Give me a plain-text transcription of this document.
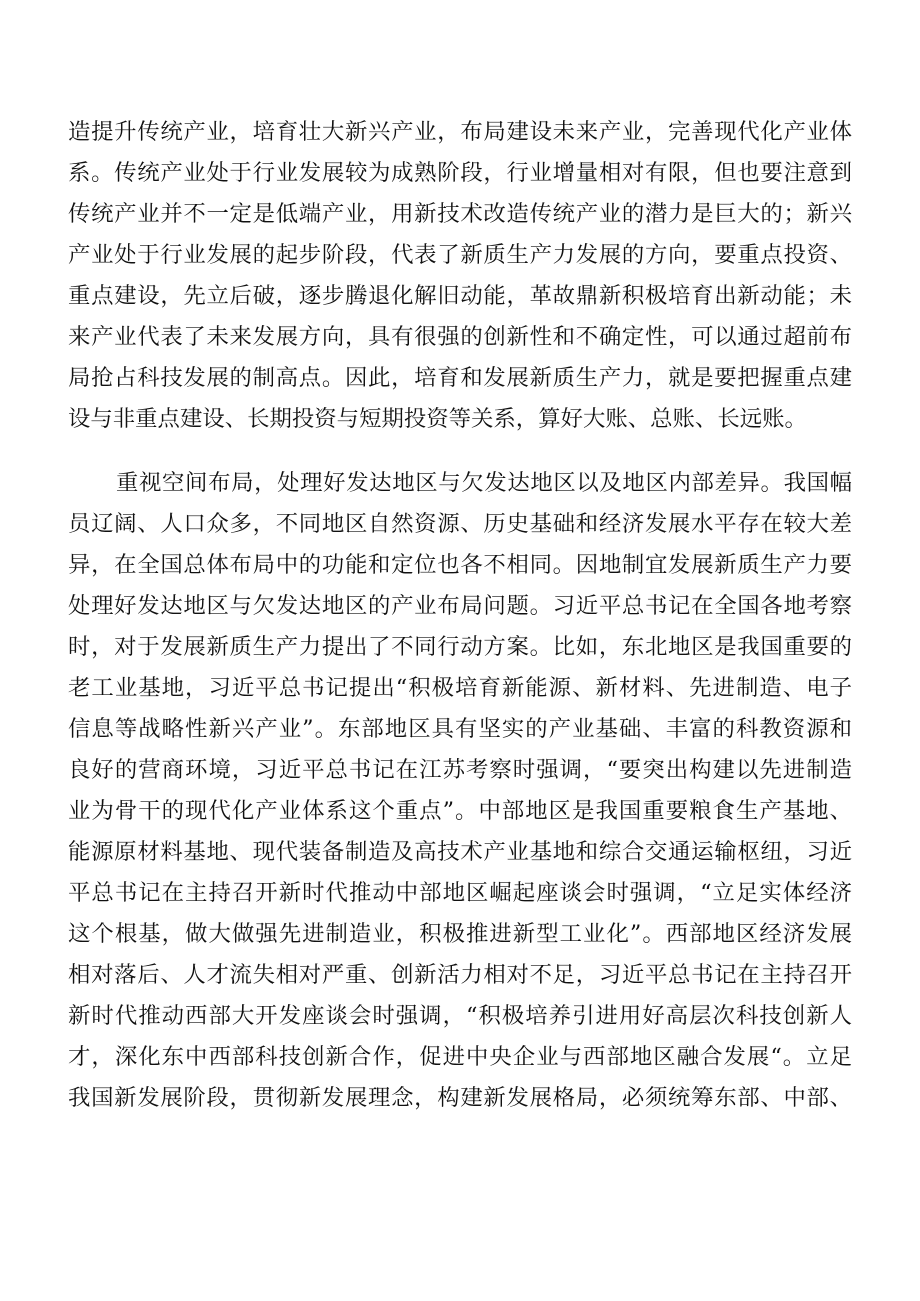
造提升传统产业，培育壮大新兴产业，布局建设未来产业，完善现代化产业体
系。传统产业处于行业发展较为成熟阶段，行业增量相对有限，但也要注意到
传统产业并不一定是低端产业，用新技术改造传统产业的潜力是巨大的；新兴
产业处于行业发展的起步阶段，代表了新质生产力发展的方向，要重点投资、
重点建设，先立后破，逐步腾退化解旧动能，革故鼎新积极培育出新动能；未
来产业代表了未来发展方向，具有很强的创新性和不确定性，可以通过超前布
局抢占科技发展的制高点。因此，培育和发展新质生产力，就是要把握重点建
设与非重点建设、长期投资与短期投资等关系，算好大账、总账、长远账。
重视空间布局，处理好发达地区与欠发达地区以及地区内部差异。我国幅
员辽阔、人口众多，不同地区自然资源、历史基础和经济发展水平存在较大差
异，在全国总体布局中的功能和定位也各不相同。因地制宜发展新质生产力要
处理好发达地区与欠发达地区的产业布局问题。习近平总书记在全国各地考察
时，对于发展新质生产力提出了不同行动方案。比如，东北地区是我国重要的
老工业基地，习近平总书记提出“积极培育新能源、新材料、先进制造、电子
信息等战略性新兴产业”。东部地区具有坚实的产业基础、丰富的科教资源和
良好的营商环境，习近平总书记在江苏考察时强调，“要突出构建以先进制造
业为骨干的现代化产业体系这个重点”。中部地区是我国重要粮食生产基地、
能源原材料基地、现代装备制造及高技术产业基地和综合交通运输枢纽，习近
平总书记在主持召开新时代推动中部地区崛起座谈会时强调，“立足实体经济
这个根基，做大做强先进制造业，积极推进新型工业化”。西部地区经济发展
相对落后、人才流失相对严重、创新活力相对不足，习近平总书记在主持召开
新时代推动西部大开发座谈会时强调，“积极培养引进用好高层次科技创新人
才，深化东中西部科技创新合作，促进中央企业与西部地区融合发展“。立足
我国新发展阶段，贯彻新发展理念，构建新发展格局，必须统筹东部、中部、
